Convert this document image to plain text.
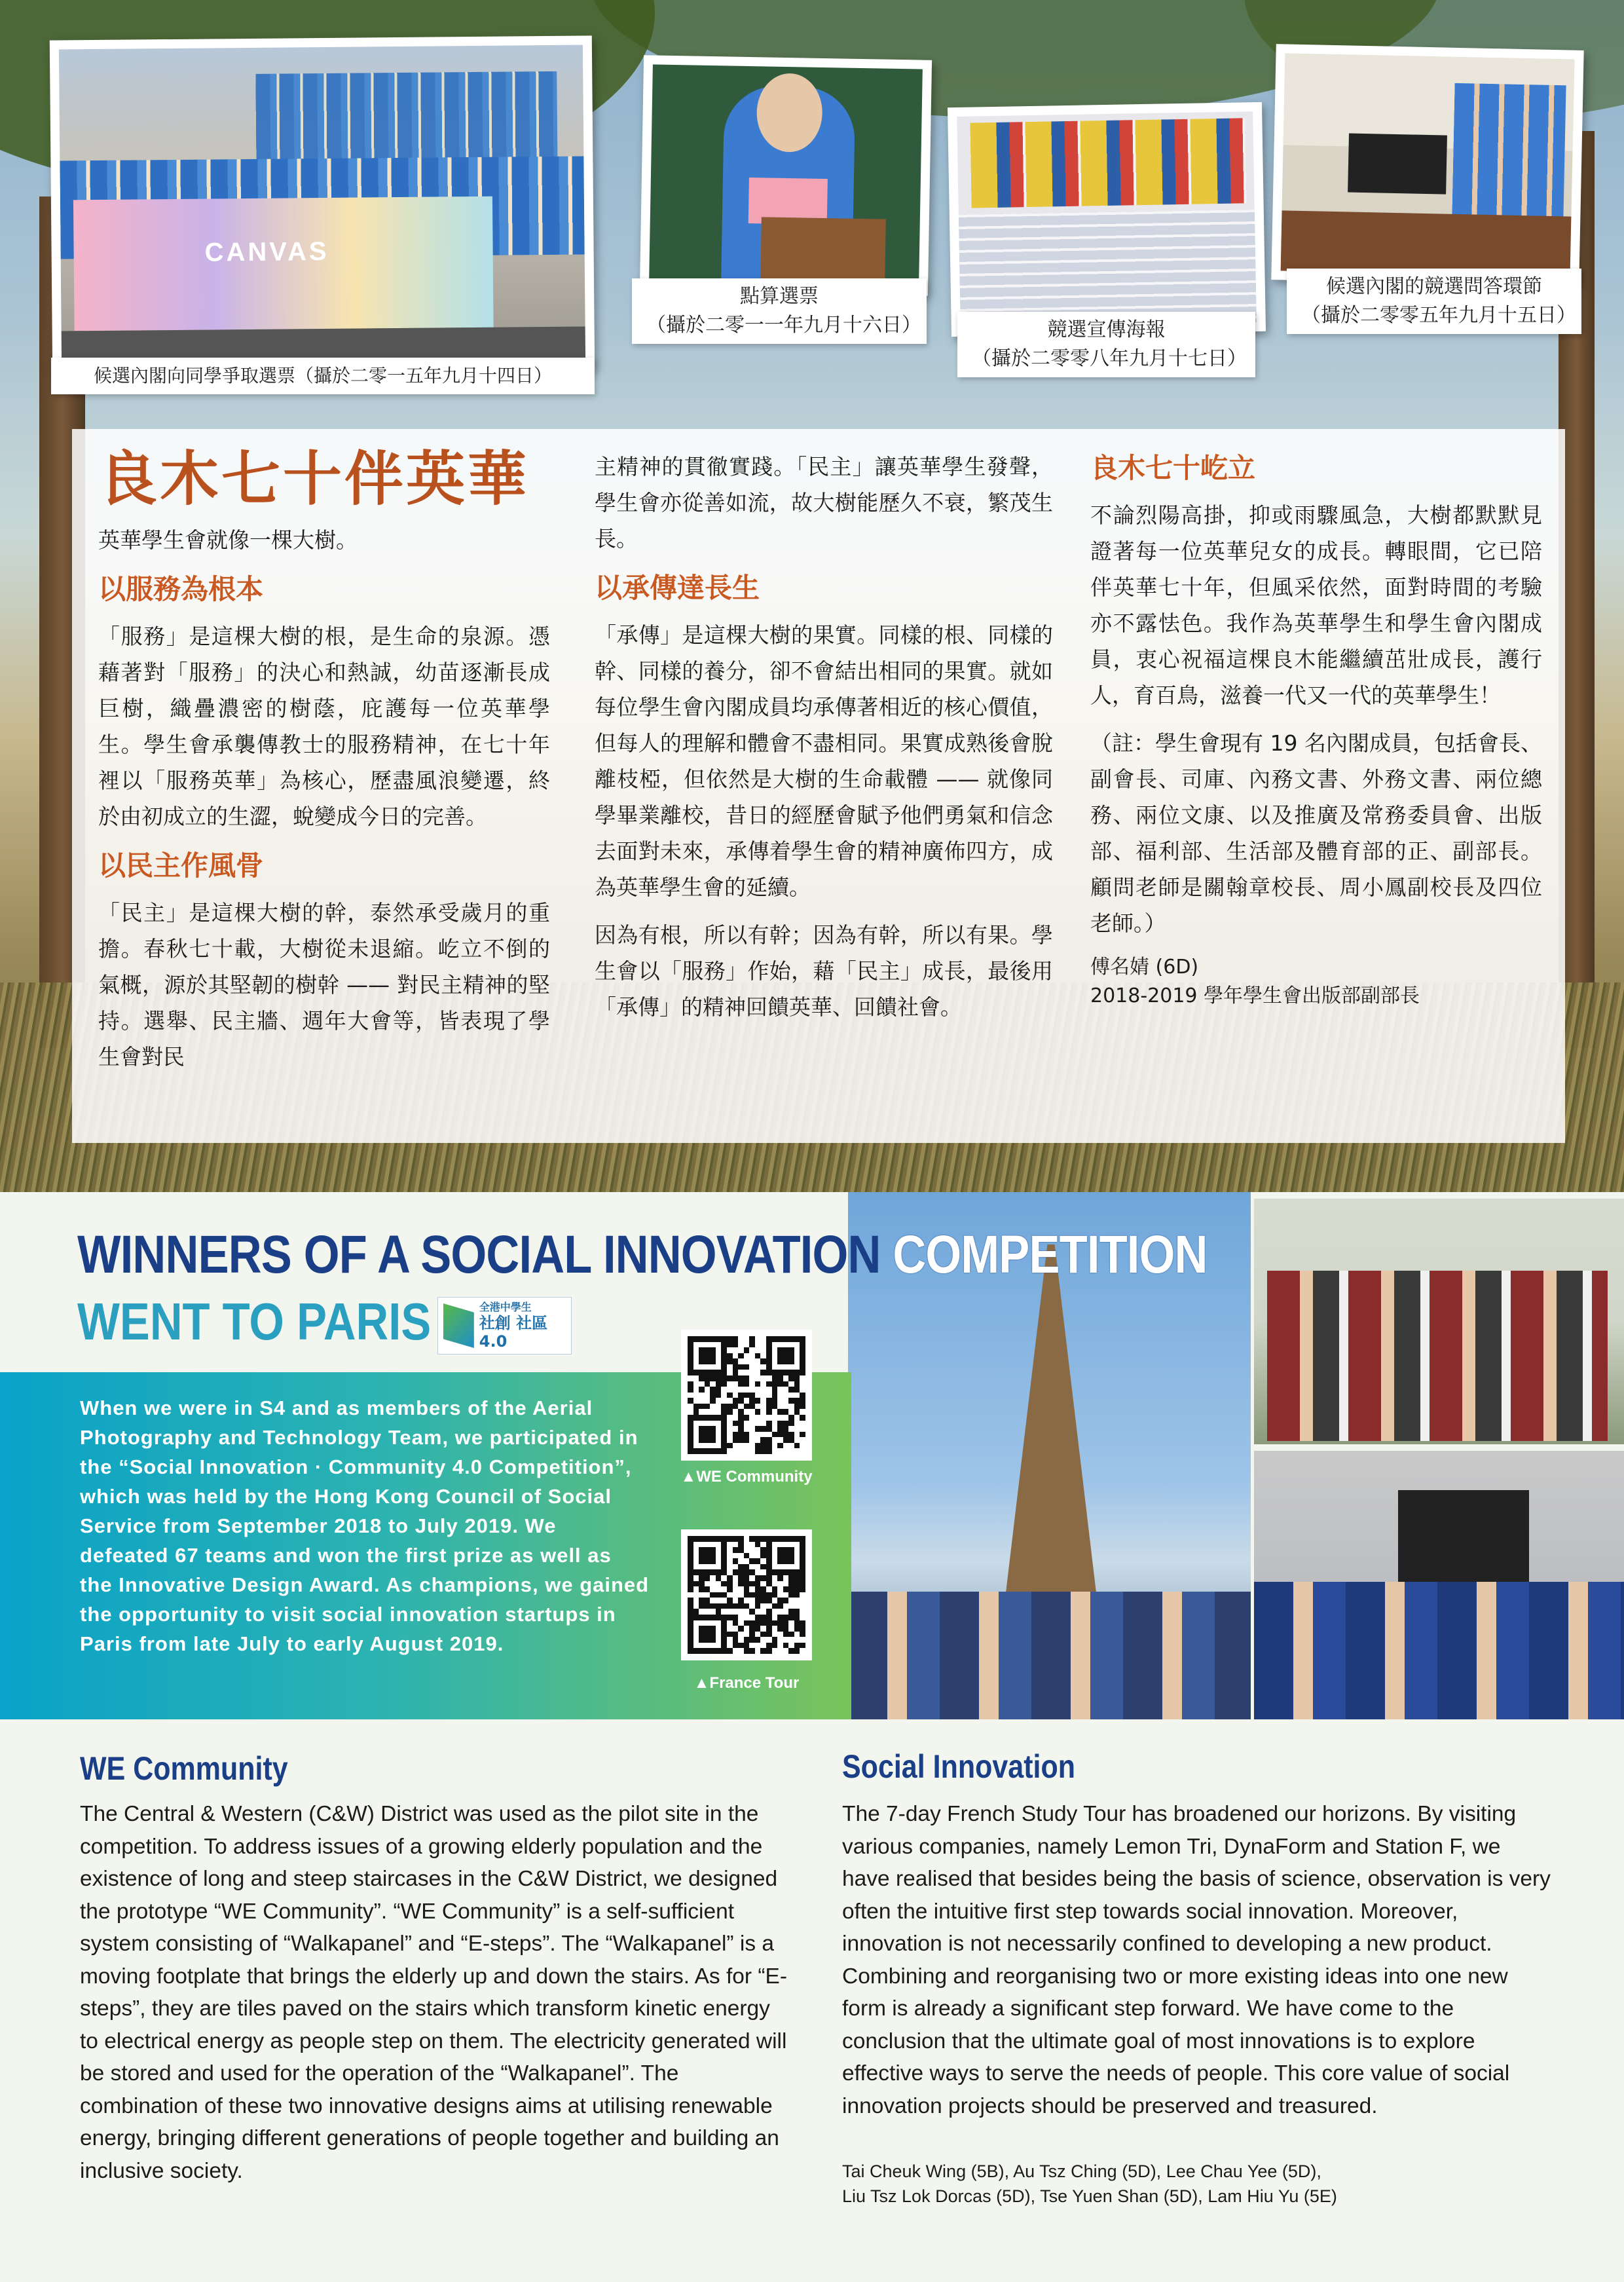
CANVAS
候選內閣向同學爭取選票（攝於二零一五年九月十四日）
點算選票
（攝於二零一一年九月十六日）	競選宣傳海報
（攝於二零零八年九月十七日）
候選內閣的競選問答環節
（攝於二零零五年九月十五日）
良木七十伴英華

英華學生會就像一棵大樹。

以服務為根本

「服務」是這棵大樹的根，是生命的泉源。憑藉著對「服務」的決心和熱誠，幼苗逐漸長成巨樹，織疊濃密的樹蔭，庇護每一位英華學生。學生會承襲傳教士的服務精神，在七十年裡以「服務英華」為核心，歷盡風浪變遷，終於由初成立的生澀，蛻變成今日的完善。

以民主作風骨

「民主」是這棵大樹的幹，泰然承受歲月的重擔。春秋七十載，大樹從未退縮。屹立不倒的氣概，源於其堅韌的樹幹 —— 對民主精神的堅持。選舉、民主牆、週年大會等，皆表現了學生會對民

主精神的貫徹實踐。「民主」讓英華學生發聲，學生會亦從善如流，故大樹能歷久不衰，繁茂生長。

以承傳達長生

「承傳」是這棵大樹的果實。同樣的根、同樣的幹、同樣的養分，卻不會結出相同的果實。就如每位學生會內閣成員均承傳著相近的核心價值，但每人的理解和體會不盡相同。果實成熟後會脫離枝椏，但依然是大樹的生命載體 —— 就像同學畢業離校，昔日的經歷會賦予他們勇氣和信念去面對未來，承傳着學生會的精神廣佈四方，成為英華學生會的延續。

因為有根，所以有幹；因為有幹，所以有果。學生會以「服務」作始，藉「民主」成長，最後用「承傳」的精神回饋英華、回饋社會。

良木七十屹立

不論烈陽高掛，抑或雨驟風急，大樹都默默見證著每一位英華兒女的成長。轉眼間，它已陪伴英華七十年，但風采依然，面對時間的考驗亦不露怯色。我作為英華學生和學生會內閣成員，衷心祝福這棵良木能繼續茁壯成長，護行人，育百鳥，滋養一代又一代的英華學生！

（註：學生會現有 19 名內閣成員，包括會長、副會長、司庫、內務文書、外務文書、兩位總務、兩位文康、以及推廣及常務委員會、出版部、福利部、生活部及體育部的正、副部長。顧問老師是關翰章校長、周小鳳副校長及四位老師。）

傅名婧 (6D)
2018-2019 學年學生會出版部副部長
WINNERS OF A SOCIAL INNOVATION COMPETITION
WENT TO PARIS	全港中學生
社創 社區4.0
When we were in S4 and as members of the Aerial Photography and Technology Team, we participated in the “Social Innovation · Community 4.0 Competition”, which was held by the Hong Kong Council of Social Service from September 2018 to July 2019. We defeated 67 teams and won the first prize as well as the Innovative Design Award. As champions, we gained the opportunity to visit social innovation startups in Paris from late July to early August 2019.
▲WE Community
▲France Tour
WE Community
The Central & Western (C&W) District was used as the pilot site in the competition. To address issues of a growing elderly population and the existence of long and steep staircases in the C&W District, we designed the prototype “WE Community”. “WE Community” is a self-sufficient system consisting of “Walkapanel” and “E-steps”. The “Walkapanel” is a moving footplate that brings the elderly up and down the stairs. As for “E-steps”, they are tiles paved on the stairs which transform kinetic energy to electrical energy as people step on them. The electricity generated will be stored and used for the operation of the “Walkapanel”. The combination of these two innovative designs aims at utilising renewable energy, bringing different generations of people together and building an inclusive society.
Social Innovation
The 7-day French Study Tour has broadened our horizons. By visiting various companies, namely Lemon Tri, DynaForm and Station F, we have realised that besides being the basis of science, observation is very often the intuitive first step towards social innovation. Moreover, innovation is not necessarily confined to developing a new product. Combining and reorganising two or more existing ideas into one new form is already a significant step forward. We have come to the conclusion that the ultimate goal of most innovations is to explore effective ways to serve the needs of people. This core value of social innovation projects should be preserved and treasured.
Tai Cheuk Wing (5B), Au Tsz Ching (5D), Lee Chau Yee (5D),
Liu Tsz Lok Dorcas (5D), Tse Yuen Shan (5D), Lam Hiu Yu (5E)
